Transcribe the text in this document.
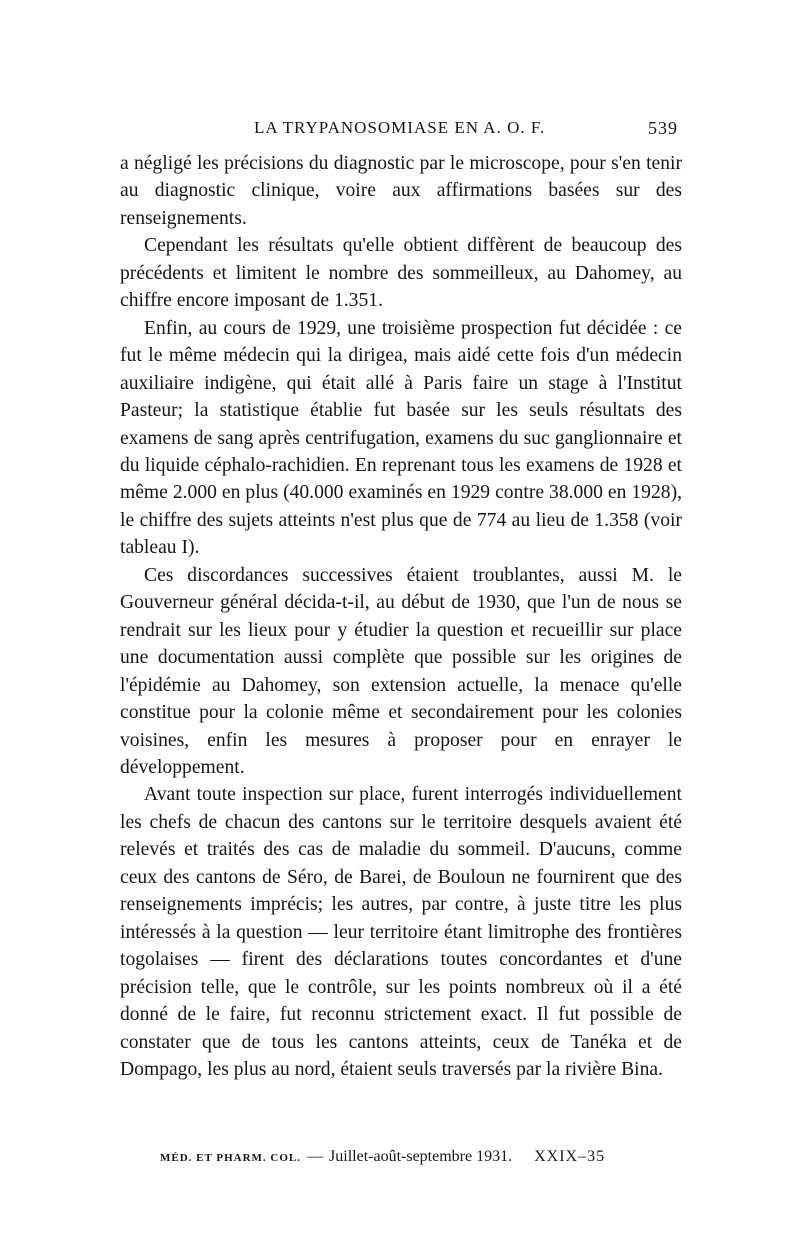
LA TRYPANOSOMIASE EN A. O. F.	539

a négligé les précisions du diagnostic par le microscope, pour s'en tenir au diagnostic clinique, voire aux affirmations basées sur des renseignements.

Cependant les résultats qu'elle obtient diffèrent de beaucoup des précédents et limitent le nombre des sommeilleux, au Dahomey, au chiffre encore imposant de 1.351.

Enfin, au cours de 1929, une troisième prospection fut décidée : ce fut le même médecin qui la dirigea, mais aidé cette fois d'un médecin auxiliaire indigène, qui était allé à Paris faire un stage à l'Institut Pasteur; la statistique établie fut basée sur les seuls résultats des examens de sang après centrifugation, examens du suc ganglionnaire et du liquide céphalo-rachidien. En reprenant tous les examens de 1928 et même 2.000 en plus (40.000 examinés en 1929 contre 38.000 en 1928), le chiffre des sujets atteints n'est plus que de 774 au lieu de 1.358 (voir tableau I).

Ces discordances successives étaient troublantes, aussi M. le Gouverneur général décida-t-il, au début de 1930, que l'un de nous se rendrait sur les lieux pour y étudier la question et recueillir sur place une documentation aussi complète que possible sur les origines de l'épidémie au Dahomey, son extension actuelle, la menace qu'elle constitue pour la colonie même et secondairement pour les colonies voisines, enfin les mesures à proposer pour en enrayer le développement.

Avant toute inspection sur place, furent interrogés individuellement les chefs de chacun des cantons sur le territoire desquels avaient été relevés et traités des cas de maladie du sommeil. D'aucuns, comme ceux des cantons de Séro, de Barei, de Bouloun ne fournirent que des renseignements imprécis; les autres, par contre, à juste titre les plus intéressés à la question — leur territoire étant limitrophe des frontières togolaises — firent des déclarations toutes concordantes et d'une précision telle, que le contrôle, sur les points nombreux où il a été donné de le faire, fut reconnu strictement exact. Il fut possible de constater que de tous les cantons atteints, ceux de Tanéka et de Dompago, les plus au nord, étaient seuls traversés par la rivière Bina.

MÉD. ET PHARM. COL. — Juillet-août-septembre 1931. XXIX–35
